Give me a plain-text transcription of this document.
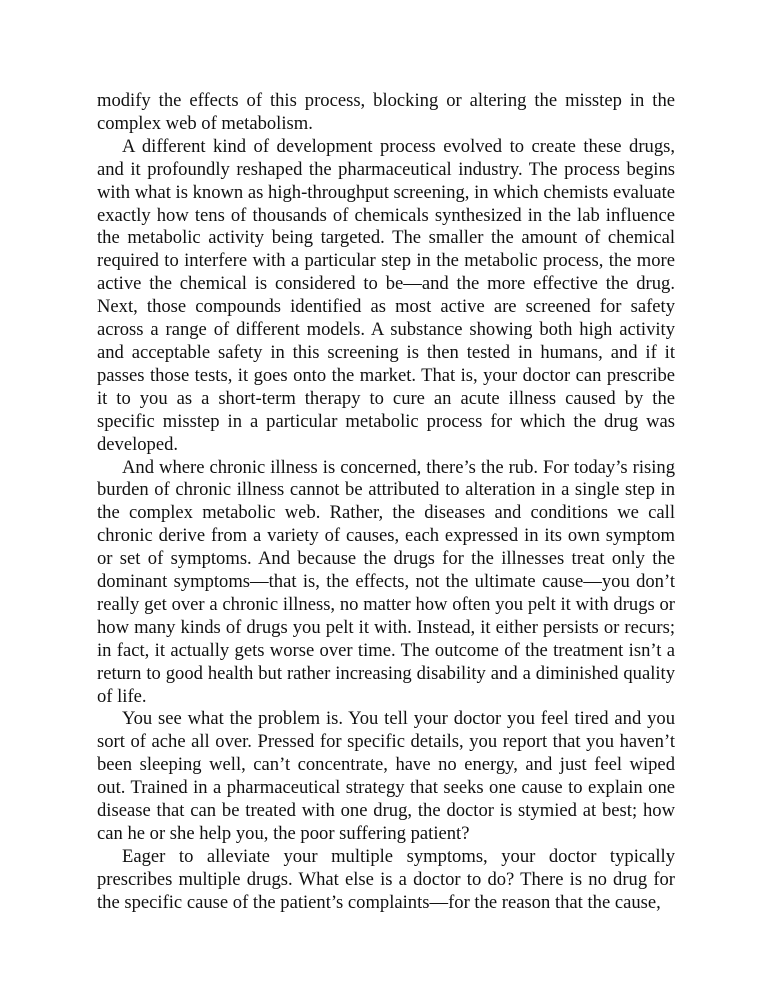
modify the effects of this process, blocking or altering the misstep in the complex web of metabolism.

A different kind of development process evolved to create these drugs, and it profoundly reshaped the pharmaceutical industry. The process begins with what is known as high-throughput screening, in which chemists evaluate exactly how tens of thousands of chemicals synthesized in the lab influence the metabolic activity being targeted. The smaller the amount of chemical required to interfere with a particular step in the metabolic process, the more active the chemical is considered to be—and the more effective the drug. Next, those compounds identified as most active are screened for safety across a range of different models. A substance showing both high activity and acceptable safety in this screening is then tested in humans, and if it passes those tests, it goes onto the market. That is, your doctor can prescribe it to you as a short-term therapy to cure an acute illness caused by the specific misstep in a particular metabolic process for which the drug was developed.

And where chronic illness is concerned, there’s the rub. For today’s rising burden of chronic illness cannot be attributed to alteration in a single step in the complex metabolic web. Rather, the diseases and conditions we call chronic derive from a variety of causes, each expressed in its own symptom or set of symptoms. And because the drugs for the illnesses treat only the dominant symptoms—that is, the effects, not the ultimate cause—you don’t really get over a chronic illness, no matter how often you pelt it with drugs or how many kinds of drugs you pelt it with. Instead, it either persists or recurs; in fact, it actually gets worse over time. The outcome of the treatment isn’t a return to good health but rather increasing disability and a diminished quality of life.

You see what the problem is. You tell your doctor you feel tired and you sort of ache all over. Pressed for specific details, you report that you haven’t been sleeping well, can’t concentrate, have no energy, and just feel wiped out. Trained in a pharmaceutical strategy that seeks one cause to explain one disease that can be treated with one drug, the doctor is stymied at best; how can he or she help you, the poor suffering patient?

Eager to alleviate your multiple symptoms, your doctor typically prescribes multiple drugs. What else is a doctor to do? There is no drug for the specific cause of the patient’s complaints—for the reason that the cause,
